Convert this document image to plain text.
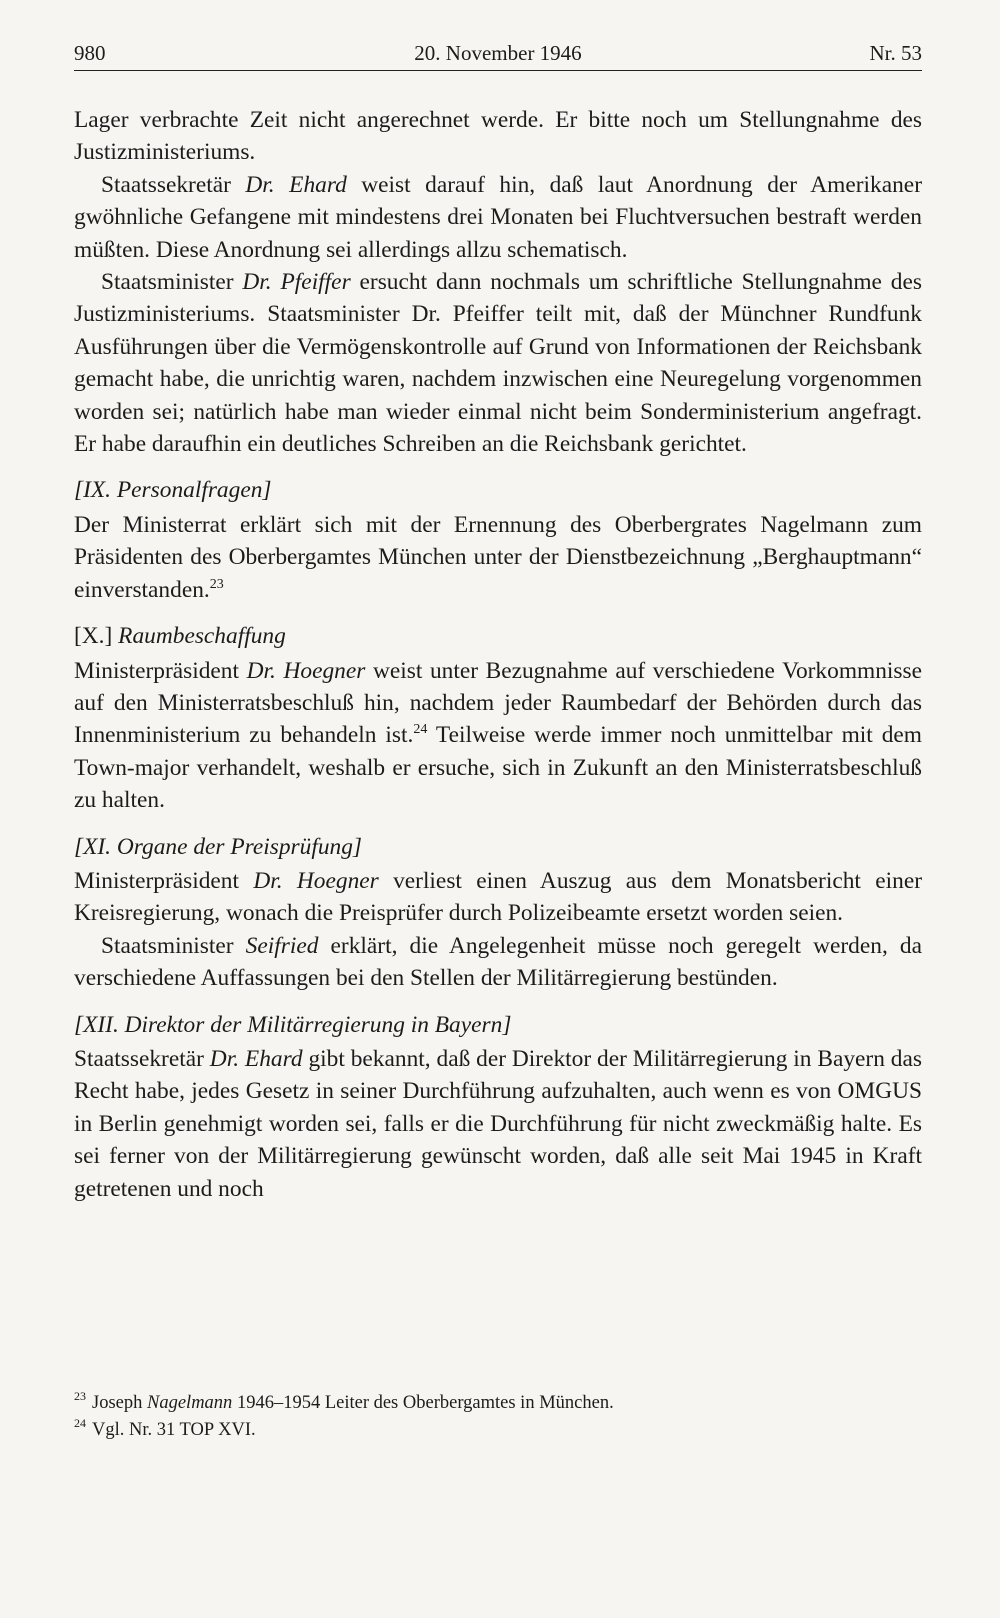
980	20. November 1946	Nr. 53

Lager verbrachte Zeit nicht angerechnet werde. Er bitte noch um Stellungnahme des Justizministeriums.

Staatssekretär Dr. Ehard weist darauf hin, daß laut Anordnung der Amerikaner gwöhnliche Gefangene mit mindestens drei Monaten bei Fluchtversuchen bestraft werden müßten. Diese Anordnung sei allerdings allzu schematisch.

Staatsminister Dr. Pfeiffer ersucht dann nochmals um schriftliche Stellungnahme des Justizministeriums. Staatsminister Dr. Pfeiffer teilt mit, daß der Münchner Rundfunk Ausführungen über die Vermögenskontrolle auf Grund von Informationen der Reichsbank gemacht habe, die unrichtig waren, nachdem inzwischen eine Neuregelung vorgenommen worden sei; natürlich habe man wieder einmal nicht beim Sonderministerium angefragt. Er habe daraufhin ein deutliches Schreiben an die Reichsbank gerichtet.

[IX. Personalfragen]

Der Ministerrat erklärt sich mit der Ernennung des Oberbergrates Nagelmann zum Präsidenten des Oberbergamtes München unter der Dienstbezeichnung „Berghauptmann“ einverstanden.$^{23}$

[X.] Raumbeschaffung

Ministerpräsident Dr. Hoegner weist unter Bezugnahme auf verschiedene Vorkommnisse auf den Ministerratsbeschluß hin, nachdem jeder Raumbedarf der Behörden durch das Innenministerium zu behandeln ist.$^{24}$ Teilweise werde immer noch unmittelbar mit dem Town-major verhandelt, weshalb er ersuche, sich in Zukunft an den Ministerratsbeschluß zu halten.

[XI. Organe der Preisprüfung]

Ministerpräsident Dr. Hoegner verliest einen Auszug aus dem Monatsbericht einer Kreisregierung, wonach die Preisprüfer durch Polizeibeamte ersetzt worden seien.

Staatsminister Seifried erklärt, die Angelegenheit müsse noch geregelt werden, da verschiedene Auffassungen bei den Stellen der Militärregierung bestünden.

[XII. Direktor der Militärregierung in Bayern]

Staatssekretär Dr. Ehard gibt bekannt, daß der Direktor der Militärregierung in Bayern das Recht habe, jedes Gesetz in seiner Durchführung aufzuhalten, auch wenn es von OMGUS in Berlin genehmigt worden sei, falls er die Durchführung für nicht zweckmäßig halte. Es sei ferner von der Militärregierung gewünscht worden, daß alle seit Mai 1945 in Kraft getretenen und noch

$^{23}$ Joseph Nagelmann 1946–1954 Leiter des Oberbergamtes in München.

$^{24}$ Vgl. Nr. 31 TOP XVI.
